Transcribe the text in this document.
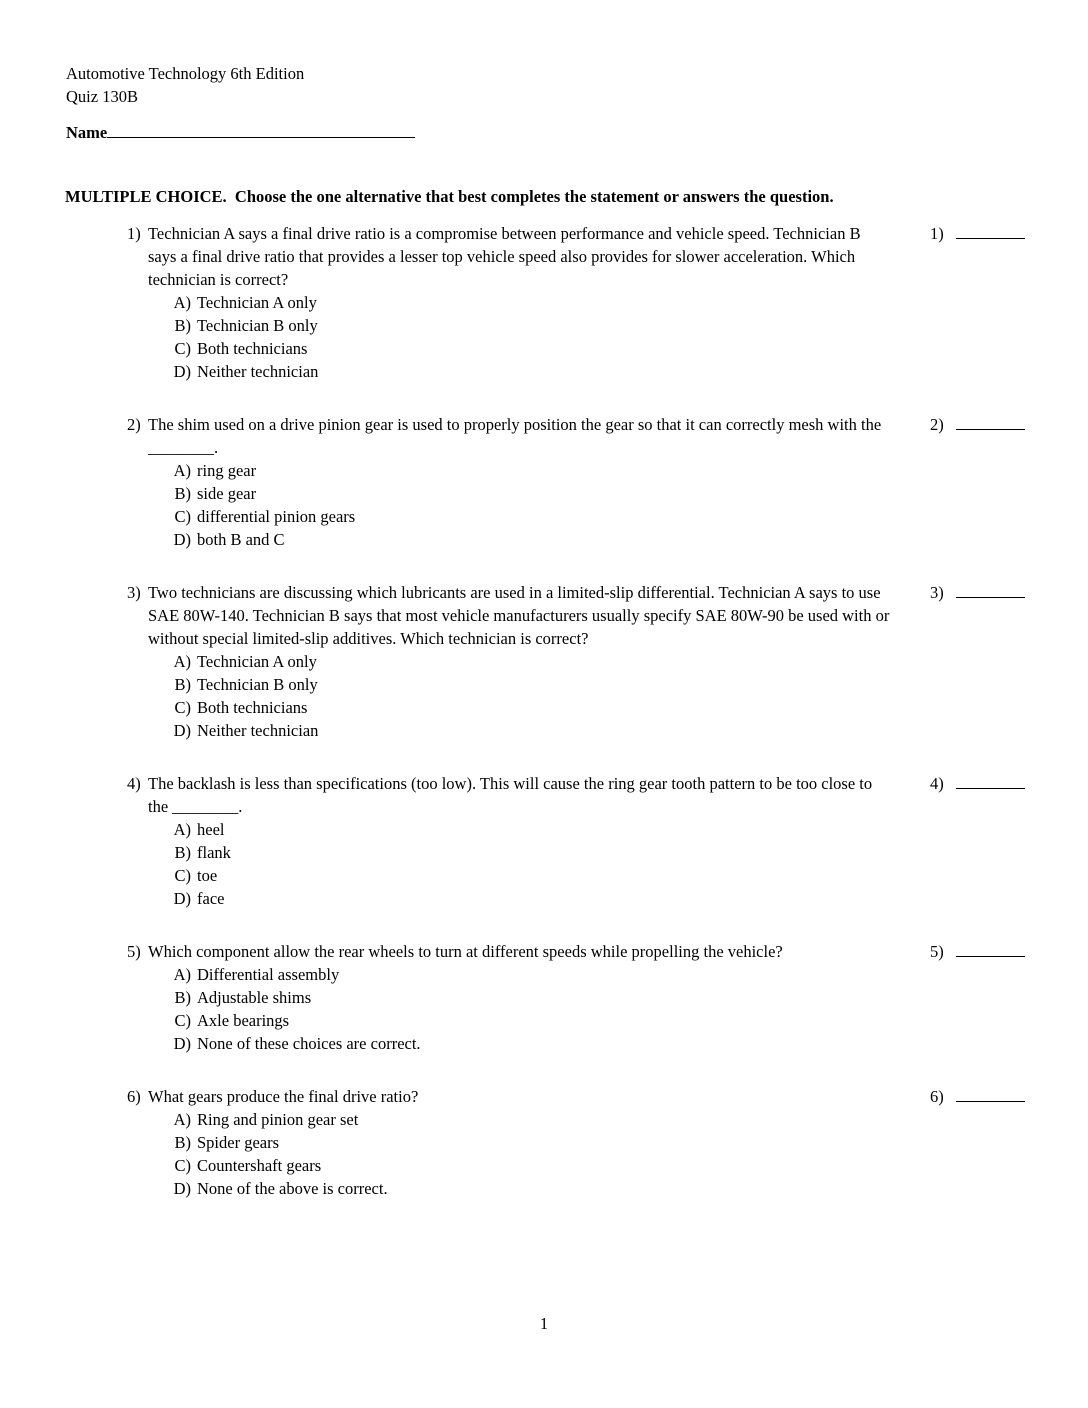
Automotive Technology 6th Edition
Quiz 130B
Name
MULTIPLE CHOICE.  Choose the one alternative that best completes the statement or answers the question.
1) Technician A says a final drive ratio is a compromise between performance and vehicle speed. Technician B says a final drive ratio that provides a lesser top vehicle speed also provides for slower acceleration. Which technician is correct?
A) Technician A only
B) Technician B only
C) Both technicians
D) Neither technician
1)
2) The shim used on a drive pinion gear is used to properly position the gear so that it can correctly mesh with the ________.
A) ring gear
B) side gear
C) differential pinion gears
D) both B and C
2)
3) Two technicians are discussing which lubricants are used in a limited-slip differential. Technician A says to use SAE 80W-140. Technician B says that most vehicle manufacturers usually specify SAE 80W-90 be used with or without special limited-slip additives. Which technician is correct?
A) Technician A only
B) Technician B only
C) Both technicians
D) Neither technician
3)
4) The backlash is less than specifications (too low). This will cause the ring gear tooth pattern to be too close to the ________.
A) heel
B) flank
C) toe
D) face
4)
5) Which component allow the rear wheels to turn at different speeds while propelling the vehicle?
A) Differential assembly
B) Adjustable shims
C) Axle bearings
D) None of these choices are correct.
5)
6) What gears produce the final drive ratio?
A) Ring and pinion gear set
B) Spider gears
C) Countershaft gears
D) None of the above is correct.
6)
1
